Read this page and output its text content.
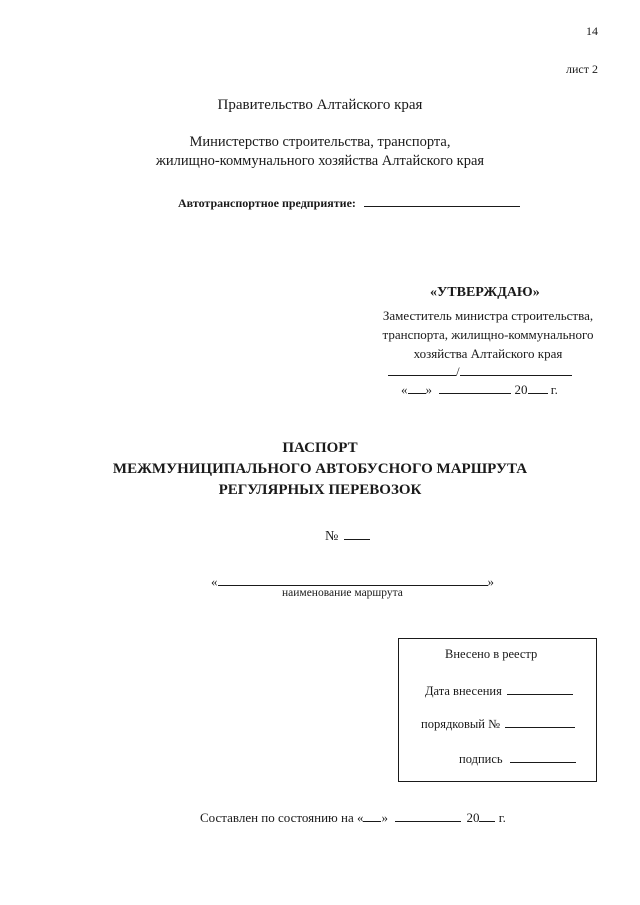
14
лист 2
Правительство Алтайского края
Министерство строительства, транспорта,
жилищно-коммунального хозяйства Алтайского края
Автотранспортное предприятие:
«УТВЕРЖДАЮ»
Заместитель министра строительства,
транспорта, жилищно-коммунального
хозяйства Алтайского края
/
« »	20 г.
ПАСПОРТ
МЕЖМУНИЦИПАЛЬНОГО АВТОБУСНОГО МАРШРУТА
РЕГУЛЯРНЫХ ПЕРЕВОЗОК
№
«	»
наименование маршрута
Внесено в реестр
Дата внесения
порядковый №
подпись
Составлен по состоянию на « »	20 г.
